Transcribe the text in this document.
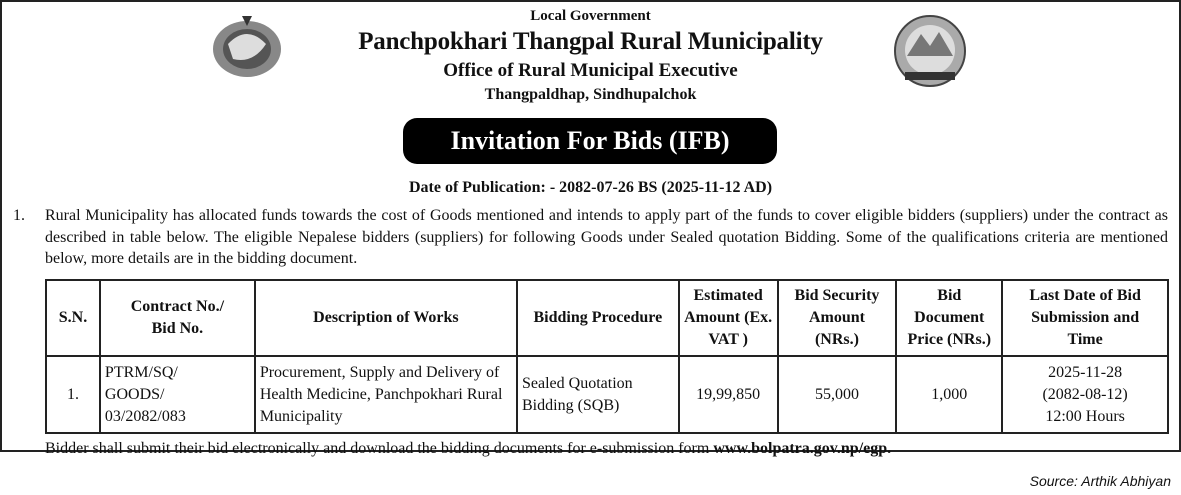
Local Government
Panchpokhari Thangpal Rural Municipality
Office of Rural Municipal Executive
Thangpaldhap, Sindhupalchok
Invitation For Bids (IFB)
Date of Publication: - 2082-07-26 BS (2025-11-12 AD)
1. Rural Municipality has allocated funds towards the cost of Goods mentioned and intends to apply part of the funds to cover eligible bidders (suppliers) under the contract as described in table below. The eligible Nepalese bidders (suppliers) for following Goods under Sealed quotation Bidding. Some of the qualifications criteria are mentioned below, more details are in the bidding document.
S.N.	Contract No./ Bid No.	Description of Works	Bidding Procedure	Estimated Amount (Ex. VAT )	Bid Security Amount (NRs.)	Bid Document Price (NRs.)	Last Date of Bid Submission and Time
1.	PTRM/SQ/ GOODS/ 03/2082/083	Procurement, Supply and Delivery of Health Medicine, Panchpokhari Rural Municipality	Sealed Quotation Bidding (SQB)	19,99,850	55,000	1,000	2025-11-28 (2082-08-12) 12:00 Hours
Bidder shall submit their bid electronically and download the bidding documents for e-submission form www.bolpatra.gov.np/egp.
Source: Arthik Abhiyan
